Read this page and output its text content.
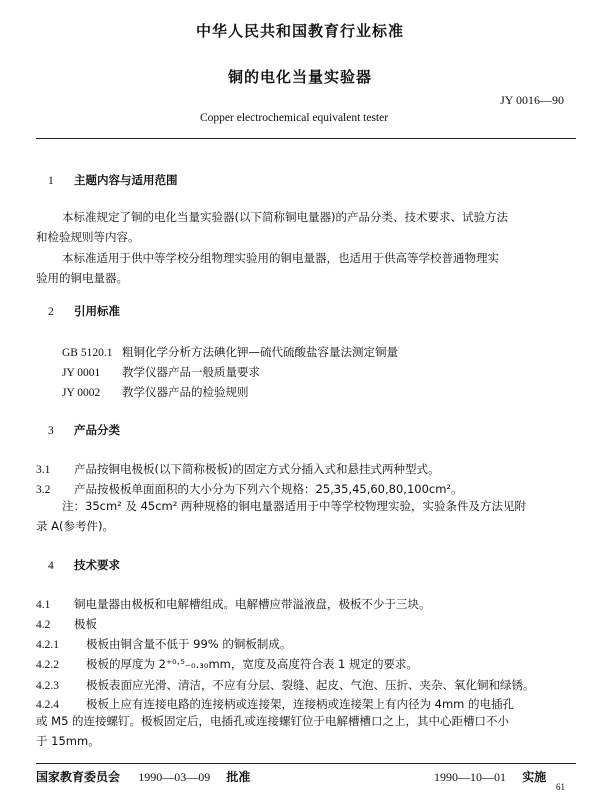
中华人民共和国教育行业标准
铜的电化当量实验器
JY 0016—90
Copper electrochemical equivalent tester
1 主题内容与适用范围
本标准规定了铜的电化当量实验器(以下简称铜电量器)的产品分类、技术要求、试验方法
和检验规则等内容。
本标准适用于供中等学校分组物理实验用的铜电量器，也适用于供高等学校普通物理实
验用的铜电量器。
2 引用标准
GB 5120.1 粗铜化学分析方法碘化钾—硫代硫酸盐容量法测定铜量
JY 0001 教学仪器产品一般质量要求
JY 0002 教学仪器产品的检验规则
3 产品分类
3.1 产品按铜电极板(以下简称极板)的固定方式分插入式和悬挂式两种型式。
3.2 产品按极板单面面积的大小分为下列六个规格：25,35,45,60,80,100cm²。
注：35cm² 及 45cm² 两种规格的铜电量器适用于中等学校物理实验，实验条件及方法见附
录 A(参考件)。
4 技术要求
4.1 铜电量器由极板和电解槽组成。电解槽应带溢液盘，极板不少于三块。
4.2 极板
4.2.1 极板由铜含量不低于 99% 的铜板制成。
4.2.2 极板的厚度为 2⁺⁰·⁵₋₀.₃₀mm，宽度及高度符合表 1 规定的要求。
4.2.3 极板表面应光滑、清洁，不应有分层、裂缝、起皮、气泡、压折、夹杂、氧化铜和绿锈。
4.2.4 极板上应有连接电路的连接柄或连接架，连接柄或连接架上有内径为 4mm 的电插孔
或 M5 的连接螺钉。极板固定后，电插孔或连接螺钉位于电解槽槽口之上，其中心距槽口不小
于 15mm。
国家教育委员会 1990—03—09 批准	1990—10—01 实施
61
